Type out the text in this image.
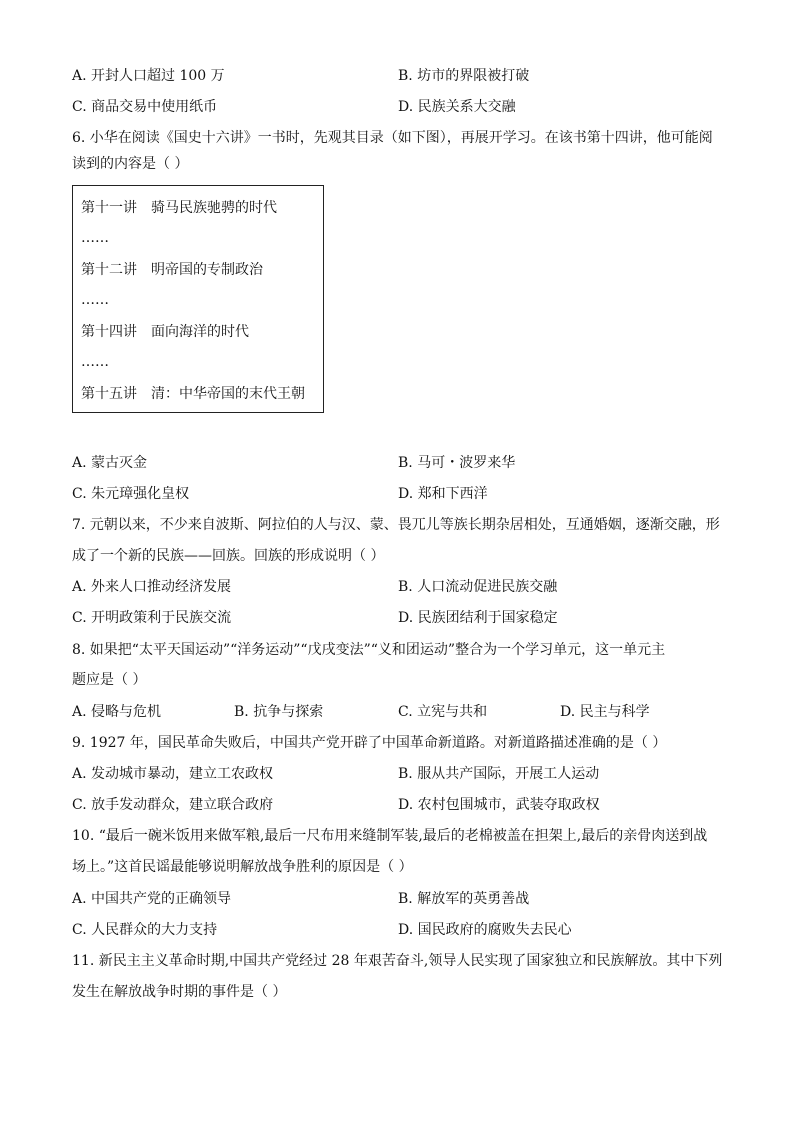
A. 开封人口超过 100 万	B. 坊市的界限被打破
C. 商品交易中使用纸币	D. 民族关系大交融
6. 小华在阅读《国史十六讲》一书时，先观其目录（如下图），再展开学习。在该书第十四讲，他可能阅
读到的内容是（ ）
第十一讲　骑马民族驰骋的时代
……
第十二讲　明帝国的专制政治
……
第十四讲　面向海洋的时代
……
第十五讲　清：中华帝国的末代王朝
A. 蒙古灭金	B. 马可・波罗来华
C. 朱元璋强化皇权	D. 郑和下西洋
7. 元朝以来，不少来自波斯、阿拉伯的人与汉、蒙、畏兀儿等族长期杂居相处，互通婚姻，逐渐交融，形
成了一个新的民族——回族。回族的形成说明（ ）
A. 外来人口推动经济发展	B. 人口流动促进民族交融
C. 开明政策利于民族交流	D. 民族团结利于国家稳定
8. 如果把“太平天国运动”“洋务运动”“戊戌变法”“义和团运动”整合为一个学习单元，这一单元主
题应是（ ）
A. 侵略与危机	B. 抗争与探索	C. 立宪与共和	D. 民主与科学
9. 1927 年，国民革命失败后，中国共产党开辟了中国革命新道路。对新道路描述准确的是（ ）
A. 发动城市暴动，建立工农政权	B. 服从共产国际，开展工人运动
C. 放手发动群众，建立联合政府	D. 农村包围城市，武装夺取政权
10. “最后一碗米饭用来做军粮,最后一尺布用来缝制军装,最后的老棉被盖在担架上,最后的亲骨肉送到战
场上。”这首民谣最能够说明解放战争胜利的原因是（ ）
A. 中国共产党的正确领导	B. 解放军的英勇善战
C. 人民群众的大力支持	D. 国民政府的腐败失去民心
11. 新民主主义革命时期,中国共产党经过 28 年艰苦奋斗,领导人民实现了国家独立和民族解放。其中下列
发生在解放战争时期的事件是（ ）
